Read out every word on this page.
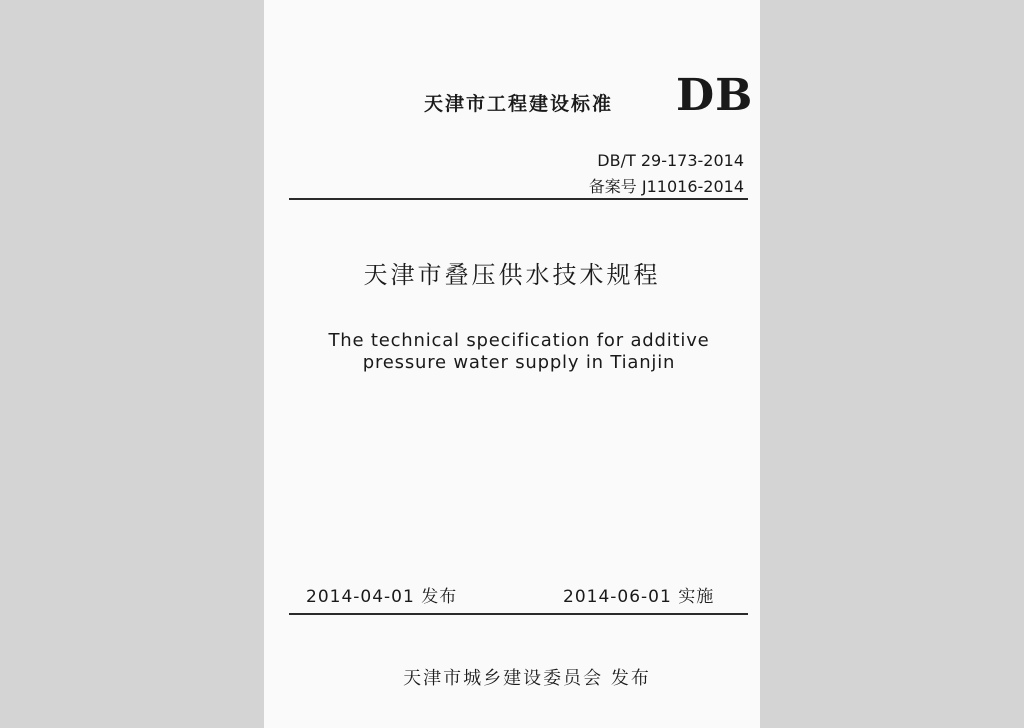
天津市工程建设标准 DB
DB/T 29-173-2014
备案号 J11016-2014
天津市叠压供水技术规程
The technical specification for additive
pressure water supply in Tianjin
2014-04-01 发布	2014-06-01 实施
天津市城乡建设委员会 发布
